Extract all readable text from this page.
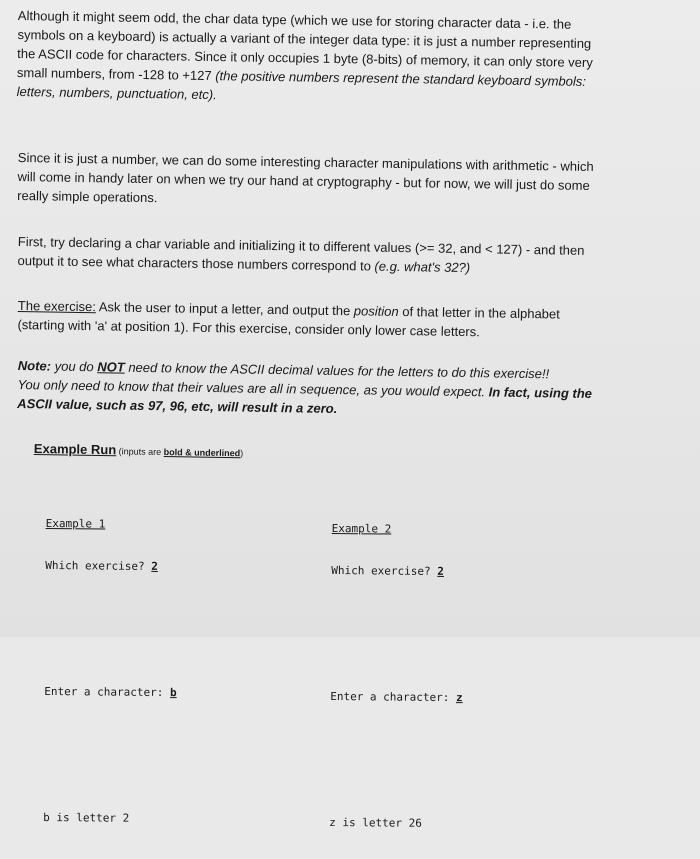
Although it might seem odd, the char data type (which we use for storing character data - i.e. the
symbols on a keyboard) is actually a variant of the integer data type: it is just a number representing
the ASCII code for characters. Since it only occupies 1 byte (8-bits) of memory, it can only store very
small numbers, from -128 to +127 (the positive numbers represent the standard keyboard symbols:
letters, numbers, punctuation, etc).
Since it is just a number, we can do some interesting character manipulations with arithmetic - which
will come in handy later on when we try our hand at cryptography - but for now, we will just do some
really simple operations.
First, try declaring a char variable and initializing it to different values (>= 32, and < 127) - and then
output it to see what characters those numbers correspond to (e.g. what's 32?)
The exercise: Ask the user to input a letter, and output the position of that letter in the alphabet
(starting with 'a' at position 1). For this exercise, consider only lower case letters.
Note: you do NOT need to know the ASCII decimal values for the letters to do this exercise!!
You only need to know that their values are all in sequence, as you would expect. In fact, using the
ASCII value, such as 97, 96, etc, will result in a zero.
Example Run (inputs are bold & underlined)

Example 1

Which exercise? 2

Enter a character: b

b is letter 2

Example 2

Which exercise? 2

Enter a character: z

z is letter 26
